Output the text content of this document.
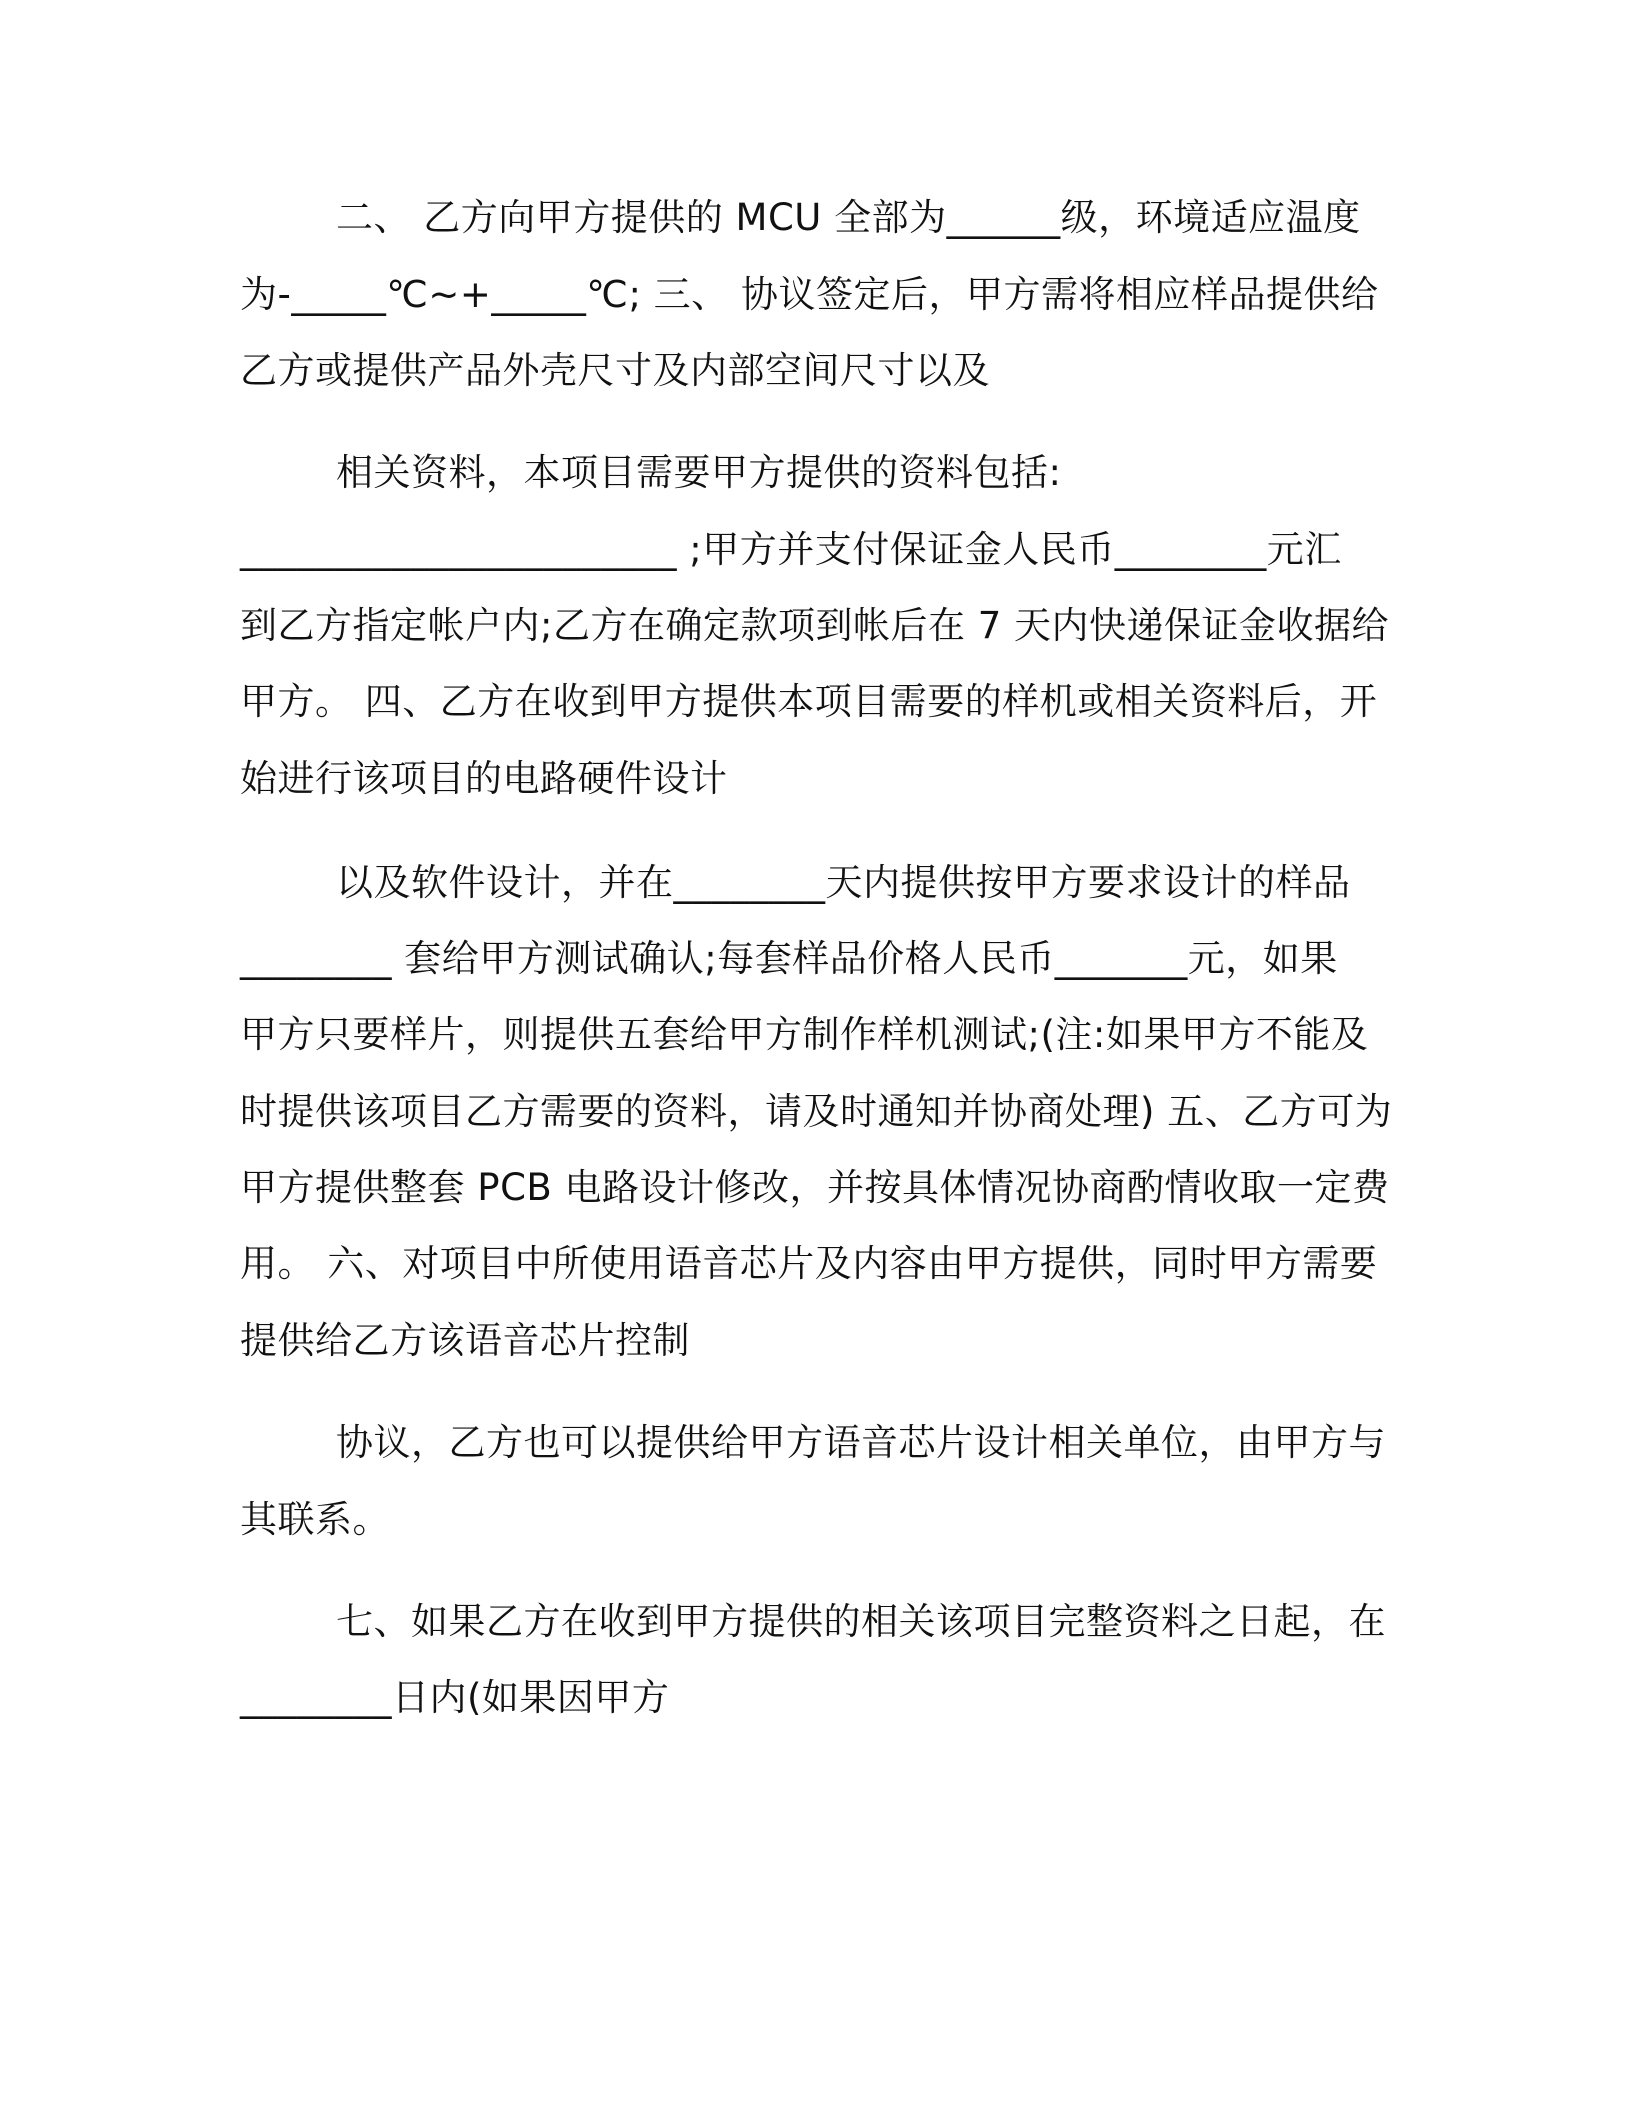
二、 乙方向甲方提供的 MCU 全部为______级，环境适应温度
为-_____℃~+_____℃; 三、 协议签定后，甲方需将相应样品提供给
乙方或提供产品外壳尺寸及内部空间尺寸以及
相关资料，本项目需要甲方提供的资料包括:
_______________________ ;甲方并支付保证金人民币________元汇
到乙方指定帐户内;乙方在确定款项到帐后在 7 天内快递保证金收据给
甲方。 四、乙方在收到甲方提供本项目需要的样机或相关资料后，开
始进行该项目的电路硬件设计
以及软件设计，并在________天内提供按甲方要求设计的样品
________ 套给甲方测试确认;每套样品价格人民币_______元，如果
甲方只要样片，则提供五套给甲方制作样机测试;(注:如果甲方不能及
时提供该项目乙方需要的资料，请及时通知并协商处理) 五、乙方可为
甲方提供整套 PCB 电路设计修改，并按具体情况协商酌情收取一定费
用。 六、对项目中所使用语音芯片及内容由甲方提供，同时甲方需要
提供给乙方该语音芯片控制
协议，乙方也可以提供给甲方语音芯片设计相关单位，由甲方与
其联系。
七、如果乙方在收到甲方提供的相关该项目完整资料之日起，在
________日内(如果因甲方
